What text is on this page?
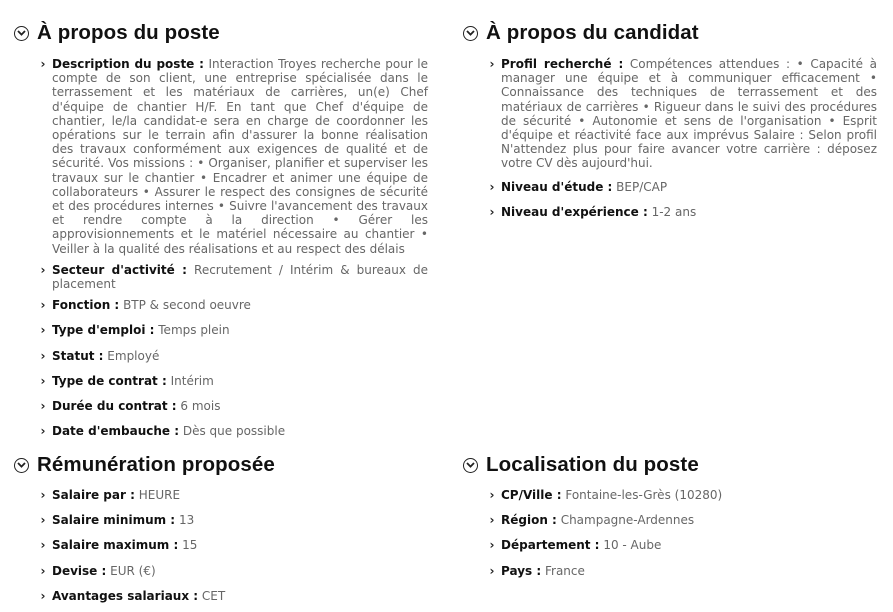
À propos du poste
› Description du poste : Interaction Troyes recherche pour le compte de son client, une entreprise spécialisée dans le terrassement et les matériaux de carrières, un(e) Chef d'équipe de chantier H/F. En tant que Chef d'équipe de chantier, le/la candidat-e sera en charge de coordonner les opérations sur le terrain afin d'assurer la bonne réalisation des travaux conformément aux exigences de qualité et de sécurité. Vos missions : • Organiser, planifier et superviser les travaux sur le chantier • Encadrer et animer une équipe de collaborateurs • Assurer le respect des consignes de sécurité et des procédures internes • Suivre l'avancement des travaux et rendre compte à la direction • Gérer les approvisionnements et le matériel nécessaire au chantier • Veiller à la qualité des réalisations et au respect des délais
› Secteur d'activité : Recrutement / Intérim & bureaux de placement
› Fonction : BTP & second oeuvre
› Type d'emploi : Temps plein
› Statut : Employé
› Type de contrat : Intérim
› Durée du contrat : 6 mois
› Date d'embauche : Dès que possible
À propos du candidat
› Profil recherché : Compétences attendues : • Capacité à manager une équipe et à communiquer efficacement • Connaissance des techniques de terrassement et des matériaux de carrières • Rigueur dans le suivi des procédures de sécurité • Autonomie et sens de l'organisation • Esprit d'équipe et réactivité face aux imprévus Salaire : Selon profil N'attendez plus pour faire avancer votre carrière : déposez votre CV dès aujourd'hui.
› Niveau d'étude : BEP/CAP
› Niveau d'expérience : 1-2 ans
Rémunération proposée
› Salaire par : HEURE
› Salaire minimum : 13
› Salaire maximum : 15
› Devise : EUR (€)
› Avantages salariaux : CET
Localisation du poste
› CP/Ville : Fontaine-les-Grès (10280)
› Région : Champagne-Ardennes
› Département : 10 - Aube
› Pays : France
